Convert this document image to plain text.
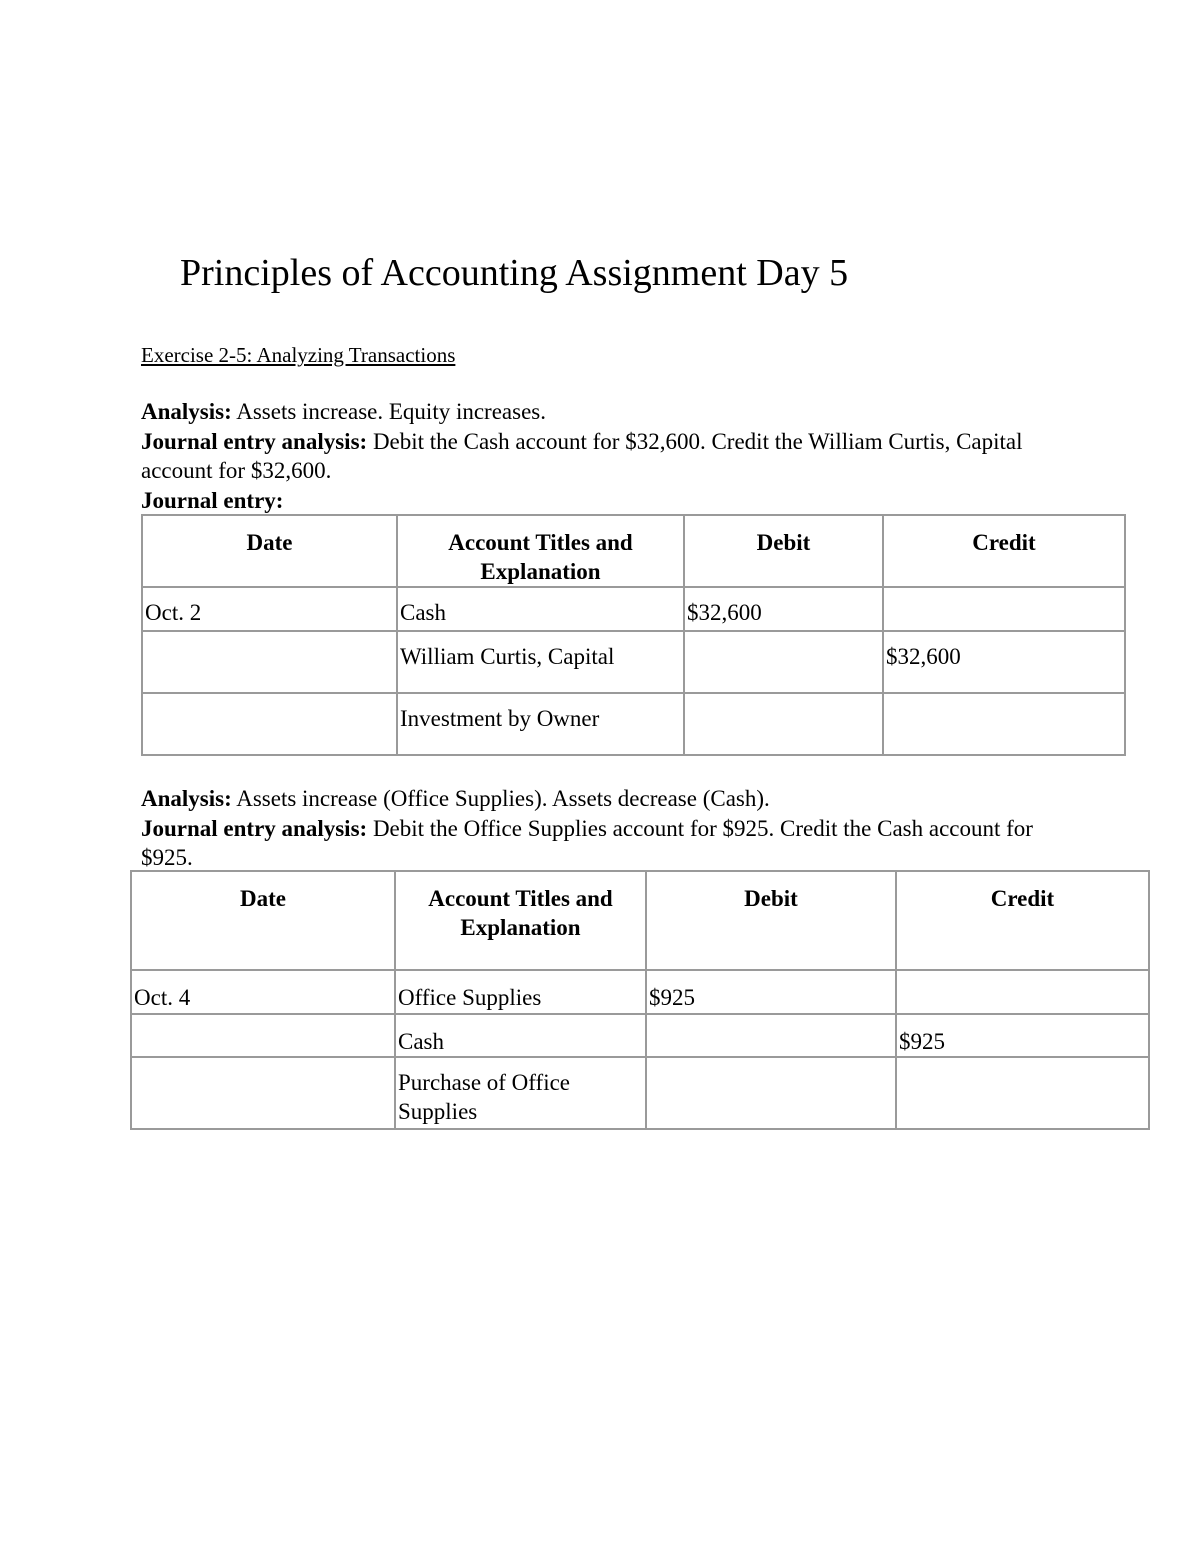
Principles of Accounting Assignment Day 5
Exercise 2-5: Analyzing Transactions
Analysis: Assets increase. Equity increases.
Journal entry analysis: Debit the Cash account for $32,600. Credit the William Curtis, Capital account for $32,600.
Journal entry:
Date	Account Titles and Explanation	Debit	Credit
Oct. 2	Cash	$32,600	
	William Curtis, Capital		$32,600
	Investment by Owner		
Analysis: Assets increase (Office Supplies). Assets decrease (Cash).
Journal entry analysis: Debit the Office Supplies account for $925. Credit the Cash account for $925.
Date	Account Titles and Explanation	Debit	Credit
Oct. 4	Office Supplies	$925	
	Cash		$925
	Purchase of Office Supplies		
